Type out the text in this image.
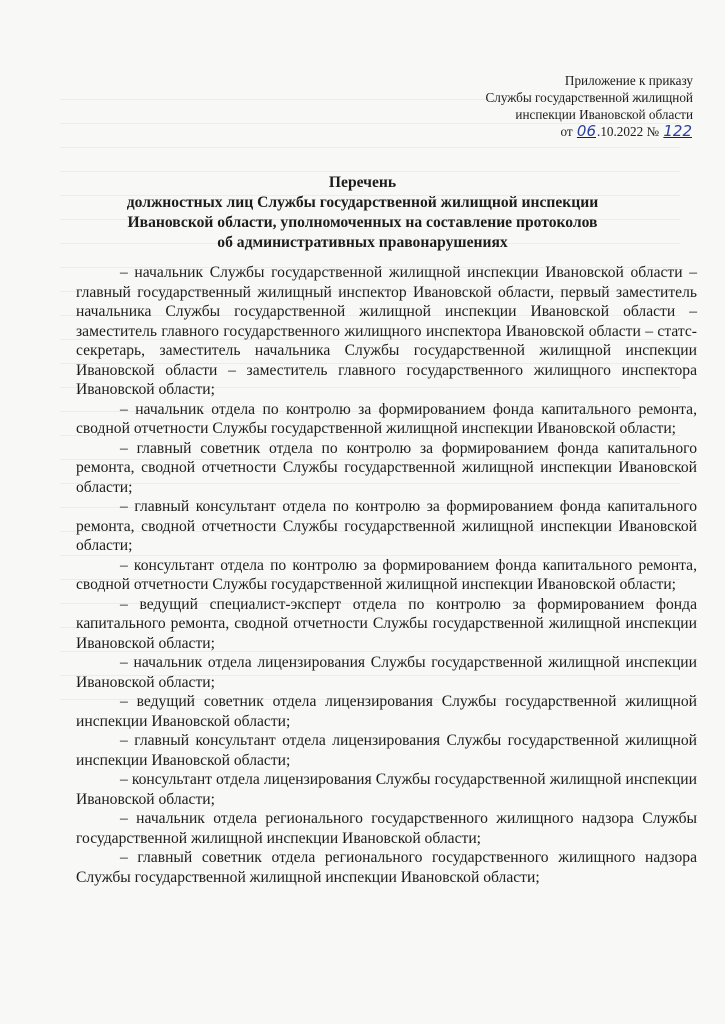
Приложение к приказу
Службы государственной жилищной
инспекции Ивановской области
от 06.10.2022 № 122
Перечень
должностных лиц Службы государственной жилищной инспекции
Ивановской области, уполномоченных на составление протоколов
об административных правонарушениях

– начальник Службы государственной жилищной инспекции Ивановской области – главный государственный жилищный инспектор Ивановской области, первый заместитель начальника Службы государственной жилищной инспекции Ивановской области – заместитель главного государственного жилищного инспектора Ивановской области – статс-секретарь, заместитель начальника Службы государственной жилищной инспекции Ивановской области – заместитель главного государственного жилищного инспектора Ивановской области;

– начальник отдела по контролю за формированием фонда капитального ремонта, сводной отчетности Службы государственной жилищной инспекции Ивановской области;

– главный советник отдела по контролю за формированием фонда капитального ремонта, сводной отчетности Службы государственной жилищной инспекции Ивановской области;

– главный консультант отдела по контролю за формированием фонда капитального ремонта, сводной отчетности Службы государственной жилищной инспекции Ивановской области;

– консультант отдела по контролю за формированием фонда капитального ремонта, сводной отчетности Службы государственной жилищной инспекции Ивановской области;

– ведущий специалист-эксперт отдела по контролю за формированием фонда капитального ремонта, сводной отчетности Службы государственной жилищной инспекции Ивановской области;

– начальник отдела лицензирования Службы государственной жилищной инспекции Ивановской области;

– ведущий советник отдела лицензирования Службы государственной жилищной инспекции Ивановской области;

– главный консультант отдела лицензирования Службы государственной жилищной инспекции Ивановской области;

– консультант отдела лицензирования Службы государственной жилищной инспекции Ивановской области;

– начальник отдела регионального государственного жилищного надзора Службы государственной жилищной инспекции Ивановской области;

– главный советник отдела регионального государственного жилищного надзора Службы государственной жилищной инспекции Ивановской области;
